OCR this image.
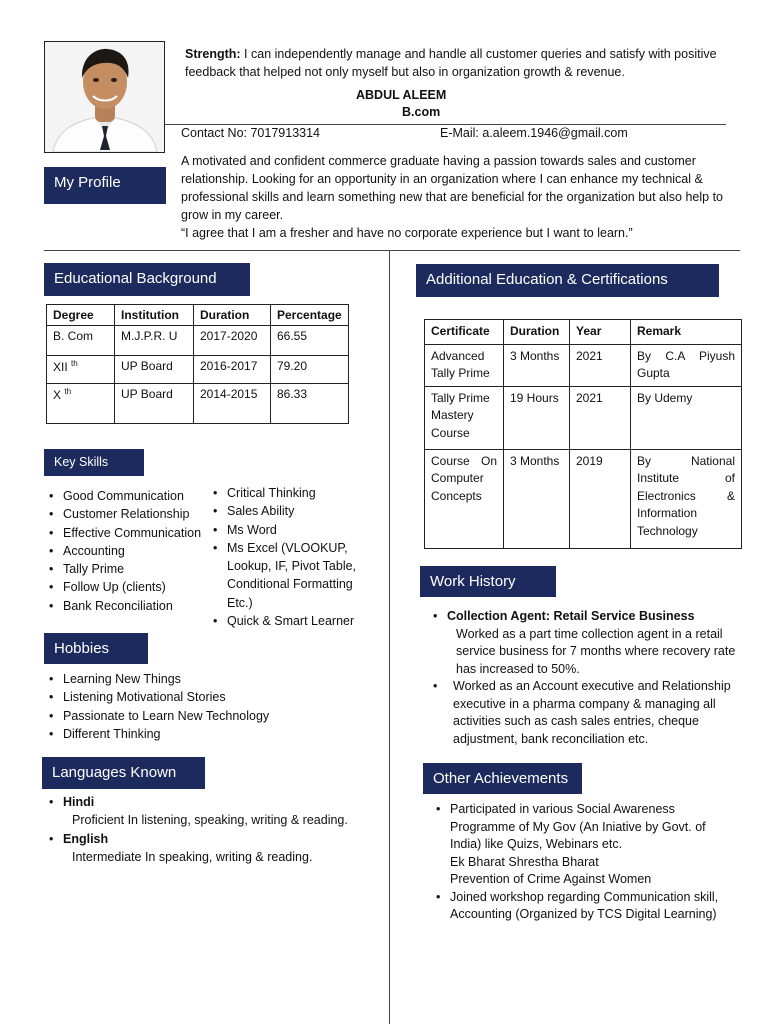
Strength: I can independently manage and handle all customer queries and satisfy with positive feedback that helped not only myself but also in organization growth & revenue.

ABDUL ALEEM
B.com
Contact No: 7017913314	E-Mail: a.aleem.1946@gmail.com
My Profile

A motivated and confident commerce graduate having a passion towards sales and customer relationship. Looking for an opportunity in an organization where I can enhance my technical & professional skills and learn something new that are beneficial for the organization but also help to grow in my career.

“I agree that I am a fresher and have no corporate experience but I want to learn.”

Educational Background
Degree	Institution	Duration	Percentage
B. Com	M.J.P.R. U	2017-2020	66.55
XII $^{th}$	UP Board	2016-2017	79.20
X $^{th}$	UP Board	2014-2015	86.33
Key Skills
• Good Communication
• Customer Relationship
• Effective Communication
• Accounting
• Tally Prime
• Follow Up (clients)
• Bank Reconciliation
• Critical Thinking
• Sales Ability
• Ms Word
• Ms Excel (VLOOKUP, Lookup, IF, Pivot Table, Conditional Formatting Etc.)
• Quick & Smart Learner
Hobbies
• Learning New Things
• Listening Motivational Stories
• Passionate to Learn New Technology
• Different Thinking
Languages Known
• Hindi
Proficient In listening, speaking, writing & reading.
• English
Intermediate In speaking, writing & reading.
Additional Education & Certifications
Certificate	Duration	Year	Remark
Advanced Tally Prime	3 Months	2021	By C.A Piyush Gupta
Tally Prime Mastery Course	19 Hours	2021	By Udemy
Course On Computer Concepts	3 Months	2019	By National Institute of Electronics & Information Technology
Work History
• Collection Agent: Retail Service Business
Worked as a part time collection agent in a retail service business for 7 months where recovery rate has increased to 50%.
• Worked as an Account executive and Relationship executive in a pharma company & managing all activities such as cash sales entries, cheque adjustment, bank reconciliation etc.
Other Achievements
• Participated in various Social Awareness Programme of My Gov (An Iniative by Govt. of India) like Quizs, Webinars etc.
Ek Bharat Shrestha Bharat
Prevention of Crime Against Women
• Joined workshop regarding Communication skill, Accounting (Organized by TCS Digital Learning)
